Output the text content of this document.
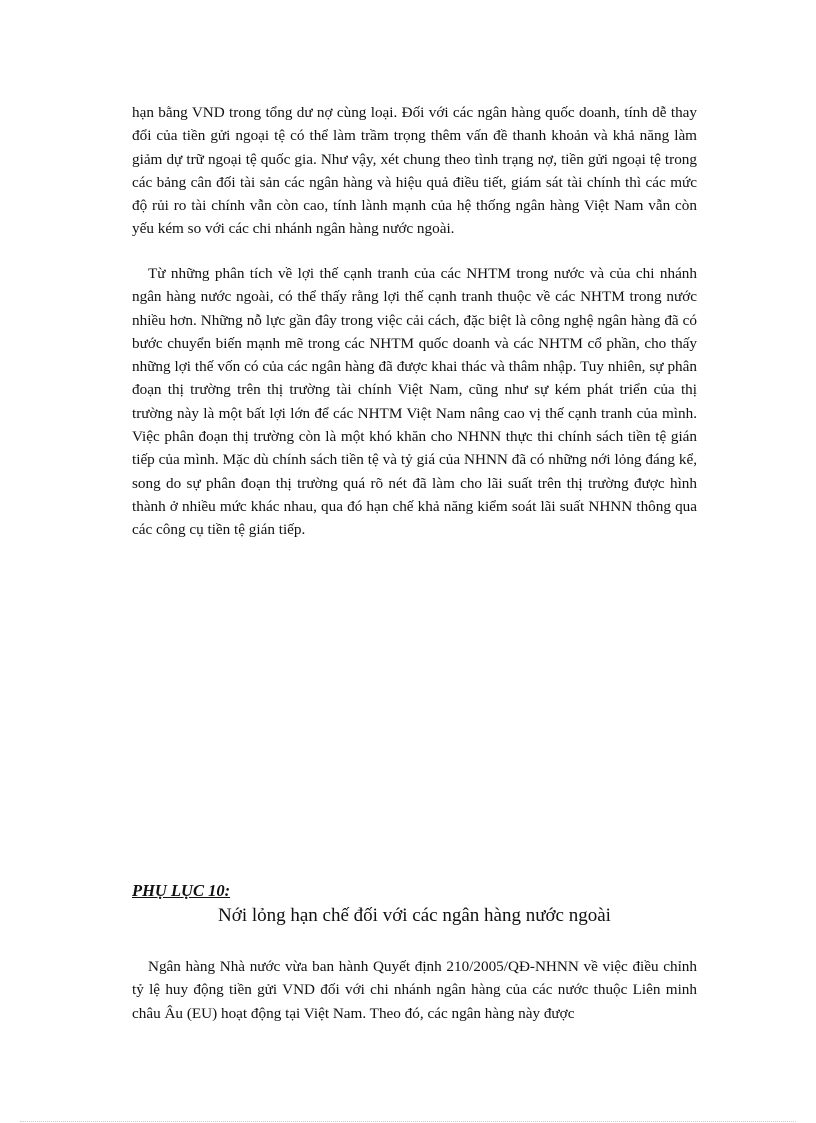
hạn bằng VND trong tổng dư nợ cùng loại. Đối với các ngân hàng quốc doanh, tính dễ thay đổi của tiền gửi ngoại tệ có thể làm trầm trọng thêm vấn đề thanh khoản và khả năng làm giảm dự trữ ngoại tệ quốc gia. Như vậy, xét chung theo tình trạng nợ, tiền gửi ngoại tệ trong các bảng cân đối tài sản các ngân hàng và hiệu quả điều tiết, giám sát tài chính thì các mức độ rủi ro tài chính vẫn còn cao, tính lành mạnh của hệ thống ngân hàng Việt Nam vẫn còn yếu kém so với các chi nhánh ngân hàng nước ngoài.

Từ những phân tích về lợi thế cạnh tranh của các NHTM trong nước và của chi nhánh ngân hàng nước ngoài, có thể thấy rằng lợi thế cạnh tranh thuộc về các NHTM trong nước nhiều hơn. Những nỗ lực gần đây trong việc cải cách, đặc biệt là công nghệ ngân hàng đã có bước chuyển biến mạnh mẽ trong các NHTM quốc doanh và các NHTM cổ phần, cho thấy những lợi thế vốn có của các ngân hàng đã được khai thác và thâm nhập. Tuy nhiên, sự phân đoạn thị trường trên thị trường tài chính Việt Nam, cũng như sự kém phát triển của thị trường này là một bất lợi lớn để các NHTM Việt Nam nâng cao vị thế cạnh tranh của mình. Việc phân đoạn thị trường còn là một khó khăn cho NHNN thực thi chính sách tiền tệ gián tiếp của mình. Mặc dù chính sách tiền tệ và tỷ giá của NHNN đã có những nới lỏng đáng kể, song do sự phân đoạn thị trường quá rõ nét đã làm cho lãi suất trên thị trường được hình thành ở nhiều mức khác nhau, qua đó hạn chế khả năng kiểm soát lãi suất NHNN thông qua các công cụ tiền tệ gián tiếp.

PHỤ LỤC 10:

Nới lỏng hạn chế đối với các ngân hàng nước ngoài

Ngân hàng Nhà nước vừa ban hành Quyết định 210/2005/QĐ-NHNN về việc điều chỉnh tỷ lệ huy động tiền gửi VND đối với chi nhánh ngân hàng của các nước thuộc Liên minh châu Âu (EU) hoạt động tại Việt Nam. Theo đó, các ngân hàng này được
